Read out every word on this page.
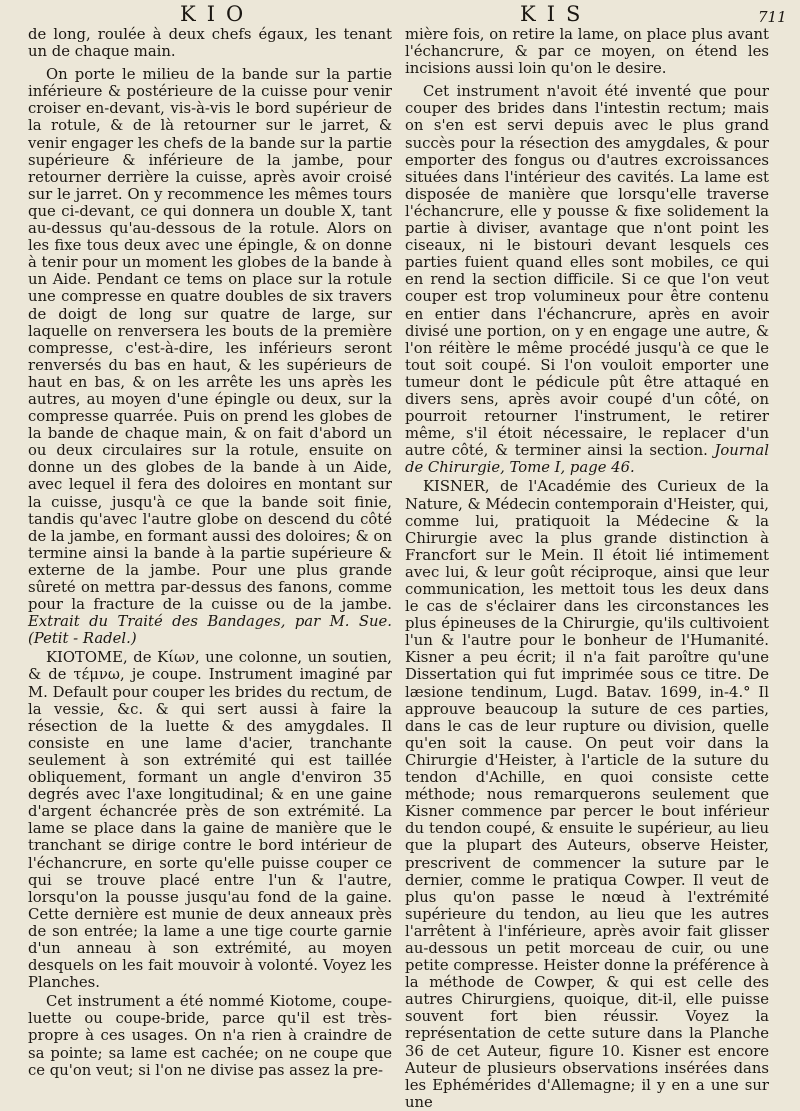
KIO	KIS	711

de long, roulée à deux chefs égaux, les tenant un de chaque main.

On porte le milieu de la bande sur la partie inférieure & postérieure de la cuisse pour venir croiser en-devant, vis-à-vis le bord supérieur de la rotule, & de là retourner sur le jarret, & venir engager les chefs de la bande sur la partie supérieure & inférieure de la jambe, pour retourner derrière la cuisse, après avoir croisé sur le jarret. On y recommence les mêmes tours que ci-devant, ce qui donnera un double X, tant au-dessus qu'au-dessous de la rotule. Alors on les fixe tous deux avec une épingle, & on donne à tenir pour un moment les globes de la bande à un Aide. Pendant ce tems on place sur la rotule une compresse en quatre doubles de six travers de doigt de long sur quatre de large, sur laquelle on renversera les bouts de la première compresse, c'est-à-dire, les inférieurs seront renversés du bas en haut, & les supérieurs de haut en bas, & on les arrête les uns après les autres, au moyen d'une épingle ou deux, sur la compresse quarrée. Puis on prend les globes de la bande de chaque main, & on fait d'abord un ou deux circulaires sur la rotule, ensuite on donne un des globes de la bande à un Aide, avec lequel il fera des doloires en montant sur la cuisse, jusqu'à ce que la bande soit finie, tandis qu'avec l'autre globe on descend du côté de la jambe, en formant aussi des doloires; & on termine ainsi la bande à la partie supérieure & externe de la jambe. Pour une plus grande sûreté on mettra par-dessus des fanons, comme pour la fracture de la cuisse ou de la jambe. Extrait du Traité des Bandages, par M. Sue. (Petit - Radel.)

KIOTOME, de Κίων, une colonne, un soutien, & de τέμνω, je coupe. Instrument imaginé par M. Default pour couper les brides du rectum, de la vessie, &c. & qui sert aussi à faire la résection de la luette & des amygdales. Il consiste en une lame d'acier, tranchante seulement à son extrémité qui est taillée obliquement, formant un angle d'environ 35 degrés avec l'axe longitudinal; & en une gaine d'argent échancrée près de son extrémité. La lame se place dans la gaine de manière que le tranchant se dirige contre le bord intérieur de l'échancrure, en sorte qu'elle puisse couper ce qui se trouve placé entre l'un & l'autre, lorsqu'on la pousse jusqu'au fond de la gaine. Cette dernière est munie de deux anneaux près de son entrée; la lame a une tige courte garnie d'un anneau à son extrémité, au moyen desquels on les fait mouvoir à volonté. Voyez les Planches.

Cet instrument a été nommé Kiotome, coupe-luette ou coupe-bride, parce qu'il est très-propre à ces usages. On n'a rien à craindre de sa pointe; sa lame est cachée; on ne coupe que ce qu'on veut; si l'on ne divise pas assez la pre-

mière fois, on retire la lame, on place plus avant l'échancrure, & par ce moyen, on étend les incisions aussi loin qu'on le desire.

Cet instrument n'avoit été inventé que pour couper des brides dans l'intestin rectum; mais on s'en est servi depuis avec le plus grand succès pour la résection des amygdales, & pour emporter des fongus ou d'autres excroissances situées dans l'intérieur des cavités. La lame est disposée de manière que lorsqu'elle traverse l'échancrure, elle y pousse & fixe solidement la partie à diviser, avantage que n'ont point les ciseaux, ni le bistouri devant lesquels ces parties fuient quand elles sont mobiles, ce qui en rend la section difficile. Si ce que l'on veut couper est trop volumineux pour être contenu en entier dans l'échancrure, après en avoir divisé une portion, on y en engage une autre, & l'on réitère le même procédé jusqu'à ce que le tout soit coupé. Si l'on vouloit emporter une tumeur dont le pédicule pût être attaqué en divers sens, après avoir coupé d'un côté, on pourroit retourner l'instrument, le retirer même, s'il étoit nécessaire, le replacer d'un autre côté, & terminer ainsi la section. Journal de Chirurgie, Tome I, page 46.

KISNER, de l'Académie des Curieux de la Nature, & Médecin contemporain d'Heister, qui, comme lui, pratiquoit la Médecine & la Chirurgie avec la plus grande distinction à Francfort sur le Mein. Il étoit lié intimement avec lui, & leur goût réciproque, ainsi que leur communication, les mettoit tous les deux dans le cas de s'éclairer dans les circonstances les plus épineuses de la Chirurgie, qu'ils cultivoient l'un & l'autre pour le bonheur de l'Humanité. Kisner a peu écrit; il n'a fait paroître qu'une Dissertation qui fut imprimée sous ce titre. De læsione tendinum, Lugd. Batav. 1699, in-4.° Il approuve beaucoup la suture de ces parties, dans le cas de leur rupture ou division, quelle qu'en soit la cause. On peut voir dans la Chirurgie d'Heister, à l'article de la suture du tendon d'Achille, en quoi consiste cette méthode; nous remarquerons seulement que Kisner commence par percer le bout inférieur du tendon coupé, & ensuite le supérieur, au lieu que la plupart des Auteurs, observe Heister, prescrivent de commencer la suture par le dernier, comme le pratiqua Cowper. Il veut de plus qu'on passe le nœud à l'extrémité supérieure du tendon, au lieu que les autres l'arrêtent à l'inférieure, après avoir fait glisser au-dessous un petit morceau de cuir, ou une petite compresse. Heister donne la préférence à la méthode de Cowper, & qui est celle des autres Chirurgiens, quoique, dit-il, elle puisse souvent fort bien réussir. Voyez la représentation de cette suture dans la Planche 36 de cet Auteur, figure 10. Kisner est encore Auteur de plusieurs observations insérées dans les Ephémérides d'Allemagne; il y en a une sur une
